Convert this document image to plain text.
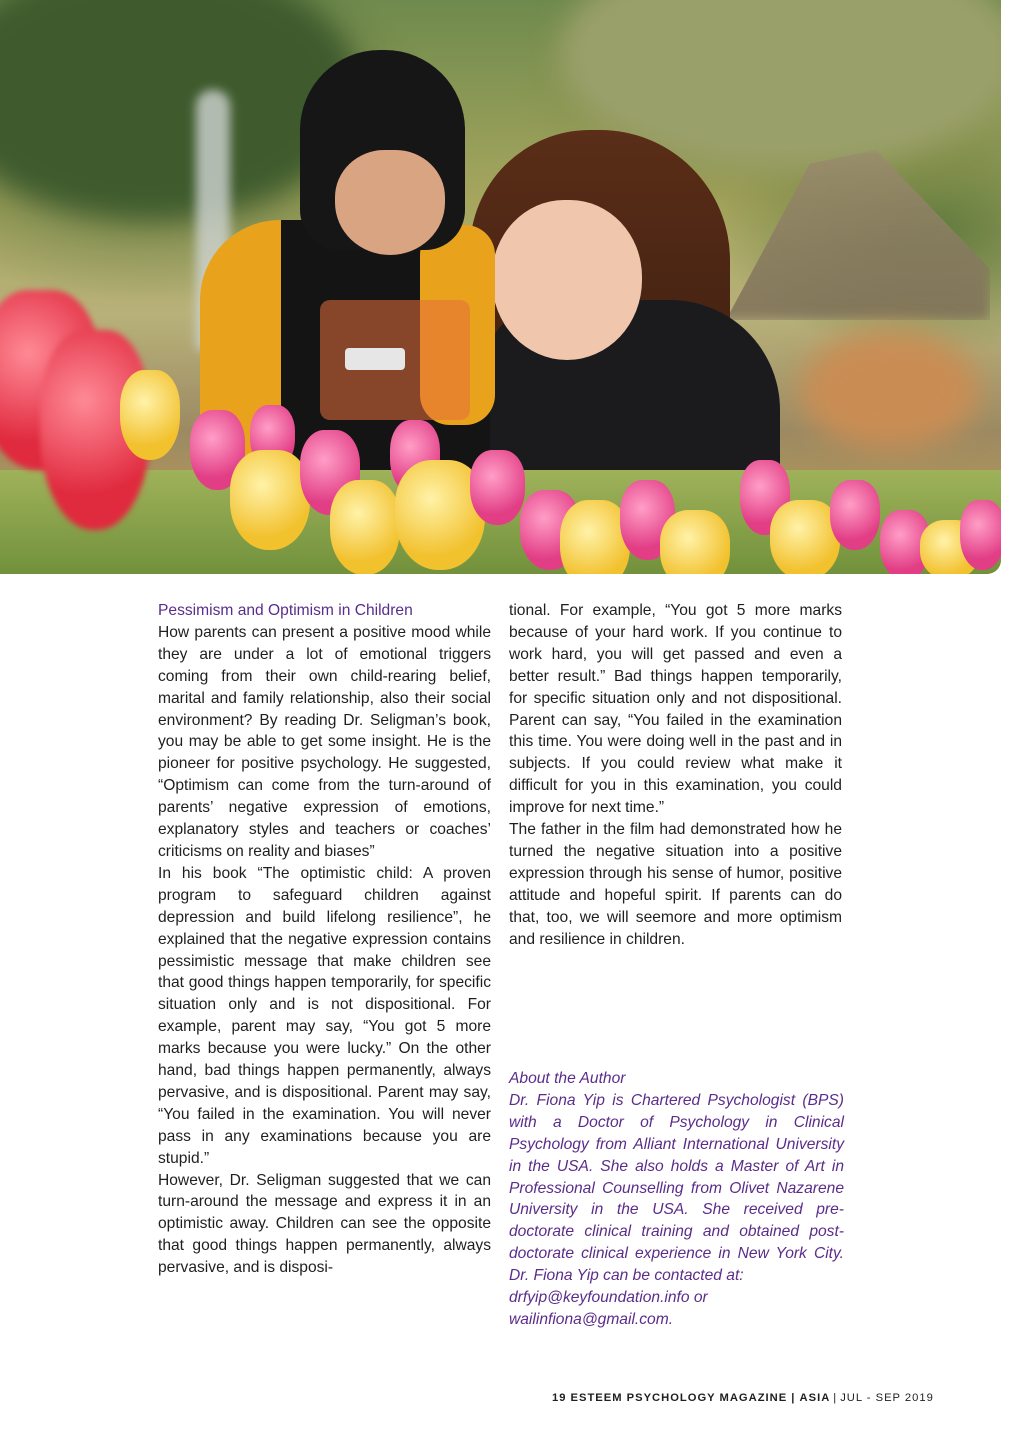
Pessimism and Optimism in Children

How parents can present a positive mood while they are under a lot of emotional triggers coming from their own child-rearing belief, marital and family relationship, also their social environment? By reading Dr. Seligman’s book, you may be able to get some insight. He is the pioneer for positive psychology. He suggested, “Optimism can come from the turn-around of parents’ negative expression of emotions, explanatory styles and teachers or coaches’ criticisms on reality and biases”

In his book “The optimistic child: A proven program to safeguard children against depression and build lifelong resilience”, he explained that the negative expression contains pessimistic message that make children see that good things happen temporarily, for specific situation only and is not dispositional. For example, parent may say, “You got 5 more marks because you were lucky.” On the other hand, bad things happen permanently, always pervasive, and is dispositional. Parent may say, “You failed in the examination. You will never pass in any examinations because you are stupid.”

However, Dr. Seligman suggested that we can turn-around the message and express it in an optimistic away. Children can see the opposite that good things happen permanently, always pervasive, and is disposi-

tional. For example, “You got 5 more marks because of your hard work. If you continue to work hard, you will get passed and even a better result.” Bad things happen temporarily, for specific situation only and not dispositional. Parent can say, “You failed in the examination this time. You were doing well in the past and in subjects. If you could review what make it difficult for you in this examination, you could improve for next time.”

The father in the film had demonstrated how he turned the negative situation into a positive expression through his sense of humor, positive attitude and hopeful spirit. If parents can do that, too, we will seemore and more optimism and resilience in children.

About the Author

Dr. Fiona Yip is Chartered Psychologist (BPS) with a Doctor of Psychology in Clinical Psychology from Alliant International University in the USA. She also holds a Master of Art in Professional Counselling from Olivet Nazarene University in the USA. She received pre-doctorate clinical training and obtained post-doctorate clinical experience in New York City. Dr. Fiona Yip can be contacted at:
drfyip@keyfoundation.info or
wailinfiona@gmail.com.

19 ESTEEM PSYCHOLOGY MAGAZINE | ASIA | JUL - SEP 2019
